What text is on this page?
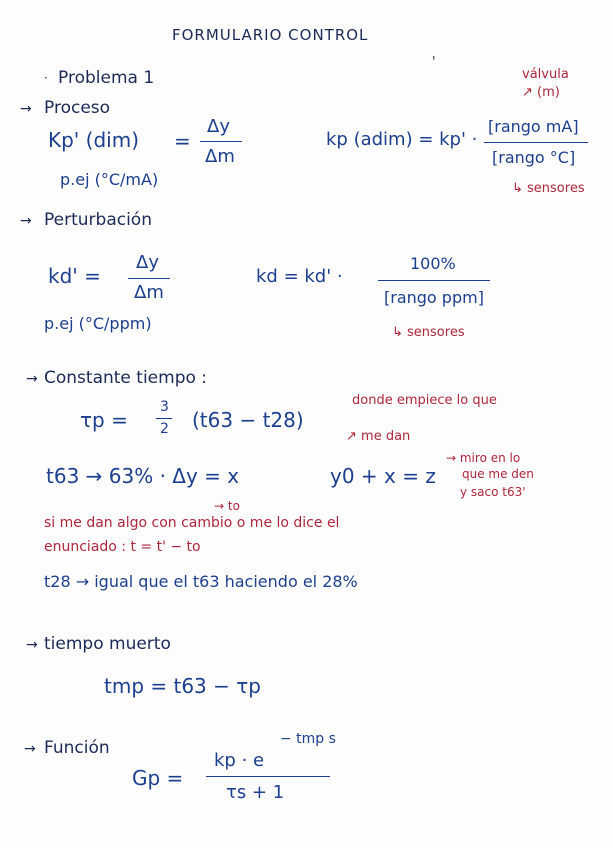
FORMULARIO CONTROL
'
· Problema 1
→ Proceso
Kp' (dim) =
Δy
Δm
p.ej (°C/mA)
kp (adim) = kp' ·
[rango mA]
[rango °C]
válvula
↗ (m)
↳ sensores
→ Perturbación
kd' =
Δy
Δm
p.ej (°C/ppm)
kd = kd' ·
100%
[rango ppm]
↳ sensores
→ Constante tiempo :
τp =
3
2 (t63 − t28)
donde empiece lo que
↗ me dan
t63 → 63% · Δy = x	y0 + x = z
→ miro en lo
que me den
y saco t63'
→ to
si me dan algo con cambio o me lo dice el
enunciado : t = t' − to
t28 → igual que el t63 haciendo el 28%
→ tiempo muerto
tmp = t63 − τp
→ Función
Gp =
kp · e
− tmp s
τs + 1
